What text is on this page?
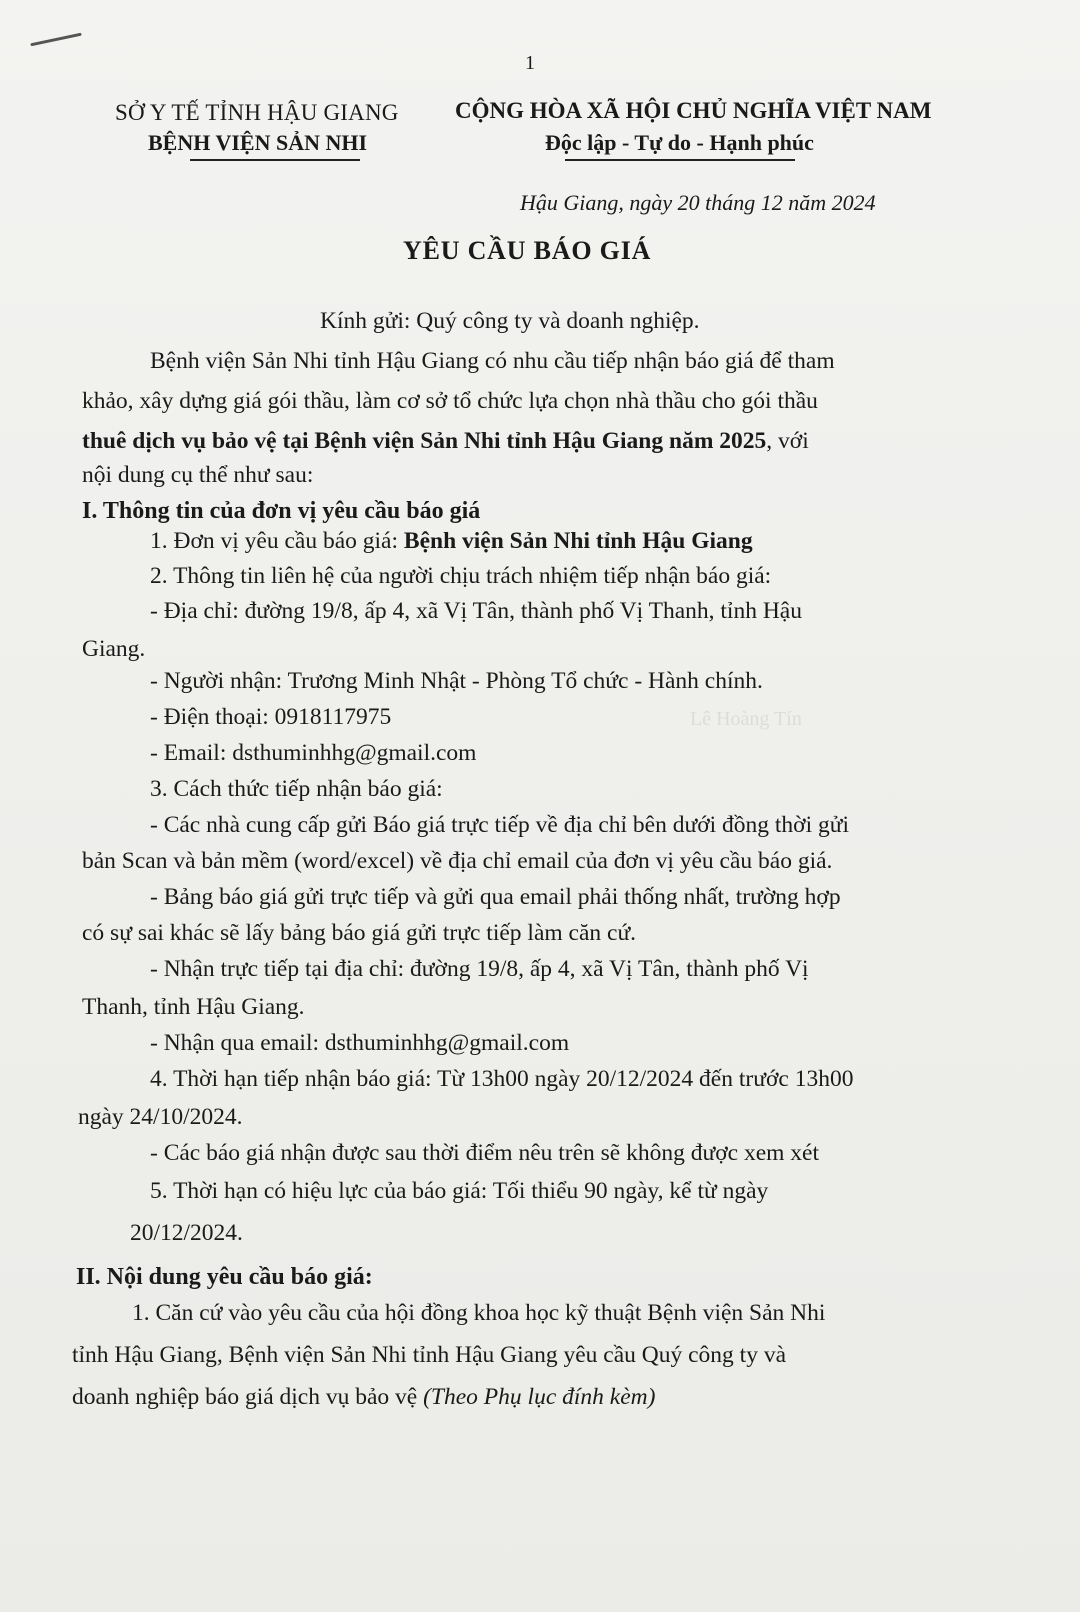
Lê Hoàng Tín
1
SỞ Y TẾ TỈNH HẬU GIANG
BỆNH VIỆN SẢN NHI
CỘNG HÒA XÃ HỘI CHỦ NGHĨA VIỆT NAM
Độc lập - Tự do - Hạnh phúc
Hậu Giang, ngày 20 tháng 12 năm 2024
YÊU CẦU BÁO GIÁ
Kính gửi: Quý công ty và doanh nghiệp.
Bệnh viện Sản Nhi tỉnh Hậu Giang có nhu cầu tiếp nhận báo giá để tham
khảo, xây dựng giá gói thầu, làm cơ sở tổ chức lựa chọn nhà thầu cho gói thầu
thuê dịch vụ bảo vệ tại Bệnh viện Sản Nhi tỉnh Hậu Giang năm 2025, với
nội dung cụ thể như sau:
I. Thông tin của đơn vị yêu cầu báo giá
1. Đơn vị yêu cầu báo giá: Bệnh viện Sản Nhi tỉnh Hậu Giang
2. Thông tin liên hệ của người chịu trách nhiệm tiếp nhận báo giá:
- Địa chỉ: đường 19/8, ấp 4, xã Vị Tân, thành phố Vị Thanh, tỉnh Hậu
Giang.
- Người nhận: Trương Minh Nhật - Phòng Tổ chức - Hành chính.
- Điện thoại: 0918117975
- Email: dsthuminhhg@gmail.com
3. Cách thức tiếp nhận báo giá:
- Các nhà cung cấp gửi Báo giá trực tiếp về địa chỉ bên dưới đồng thời gửi
bản Scan và bản mềm (word/excel) về địa chỉ email của đơn vị yêu cầu báo giá.
- Bảng báo giá gửi trực tiếp và gửi qua email phải thống nhất, trường hợp
có sự sai khác sẽ lấy bảng báo giá gửi trực tiếp làm căn cứ.
- Nhận trực tiếp tại địa chỉ: đường 19/8, ấp 4, xã Vị Tân, thành phố Vị
Thanh, tỉnh Hậu Giang.
- Nhận qua email: dsthuminhhg@gmail.com
4. Thời hạn tiếp nhận báo giá: Từ 13h00 ngày 20/12/2024 đến trước 13h00
ngày 24/10/2024.
- Các báo giá nhận được sau thời điểm nêu trên sẽ không được xem xét
5. Thời hạn có hiệu lực của báo giá: Tối thiểu 90 ngày, kể từ ngày
20/12/2024.
II. Nội dung yêu cầu báo giá:
1. Căn cứ vào yêu cầu của hội đồng khoa học kỹ thuật Bệnh viện Sản Nhi
tỉnh Hậu Giang, Bệnh viện Sản Nhi tỉnh Hậu Giang yêu cầu Quý công ty và
doanh nghiệp báo giá dịch vụ bảo vệ (Theo Phụ lục đính kèm)
